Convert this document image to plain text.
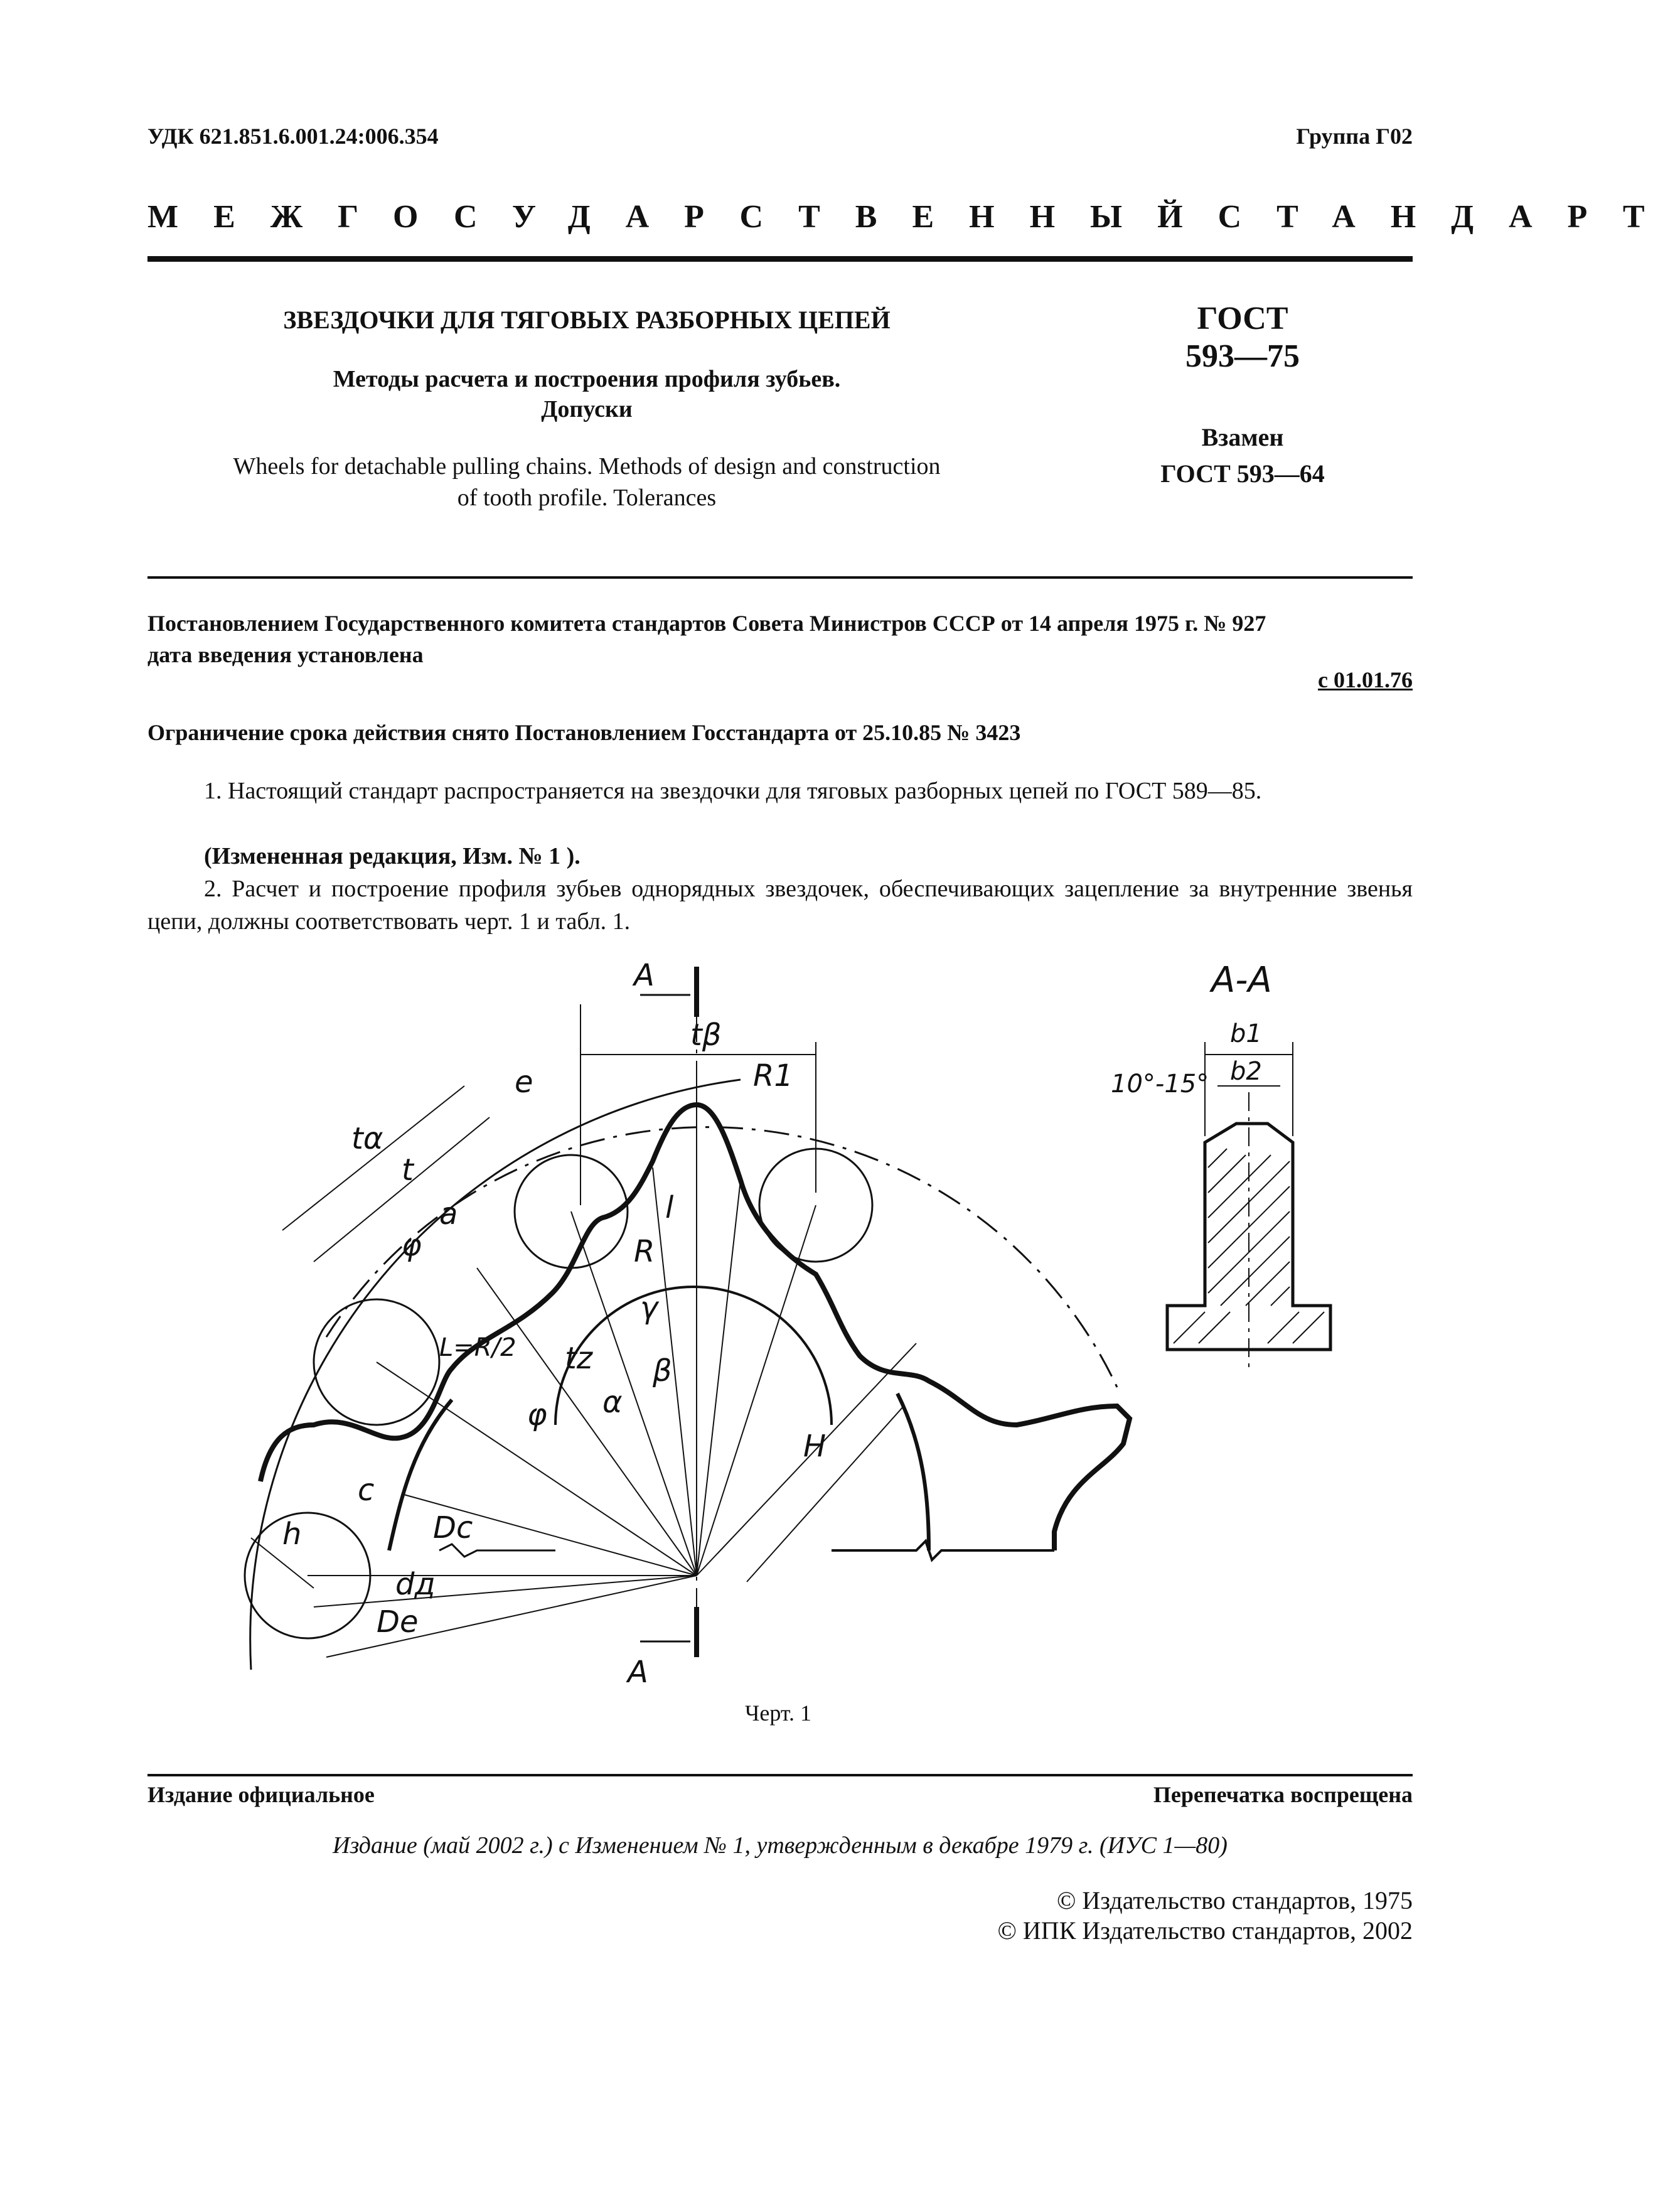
УДК 621.851.6.001.24:006.354	Группа Г02
МЕЖГОСУДАРСТВЕННЫЙ СТАНДАРТ
ЗВЕЗДОЧКИ ДЛЯ ТЯГОВЫХ РАЗБОРНЫХ ЦЕПЕЙ
Методы расчета и построения профиля зубьев.
Допуски
Wheels for detachable pulling chains. Methods of design and construction
of tooth profile. Tolerances
ГОСТ
593—75
Взамен
ГОСТ 593—64
Постановлением Государственного комитета стандартов Совета Министров СССР от 14 апреля 1975 г. № 927
дата введения установлена
с 01.01.76
Ограничение срока действия снято Постановлением Госстандарта от 25.10.85 № 3423
1. Настоящий стандарт распространяется на звездочки для тяговых разборных цепей по ГОСТ 589—85.
(Измененная редакция, Изм. № 1 ).
2. Расчет и построение профиля зубьев однорядных звездочек, обеспечивающих зацепление за внутренние звенья цепи, должны соответствовать черт. 1 и табл. 1.
A
A
A-A
tβ
tα
t
e	R1
φ
a
R
l
L=R/2 tz
γ
α
β
φ
H
c
h	Dc
dд
De
b1
b2
10°-15°
Черт. 1
Издание официальное	Перепечатка воспрещена
Издание (май 2002 г.) с Изменением № 1, утвержденным в декабре 1979 г. (ИУС 1—80)
© Издательство стандартов, 1975
© ИПК Издательство стандартов, 2002
